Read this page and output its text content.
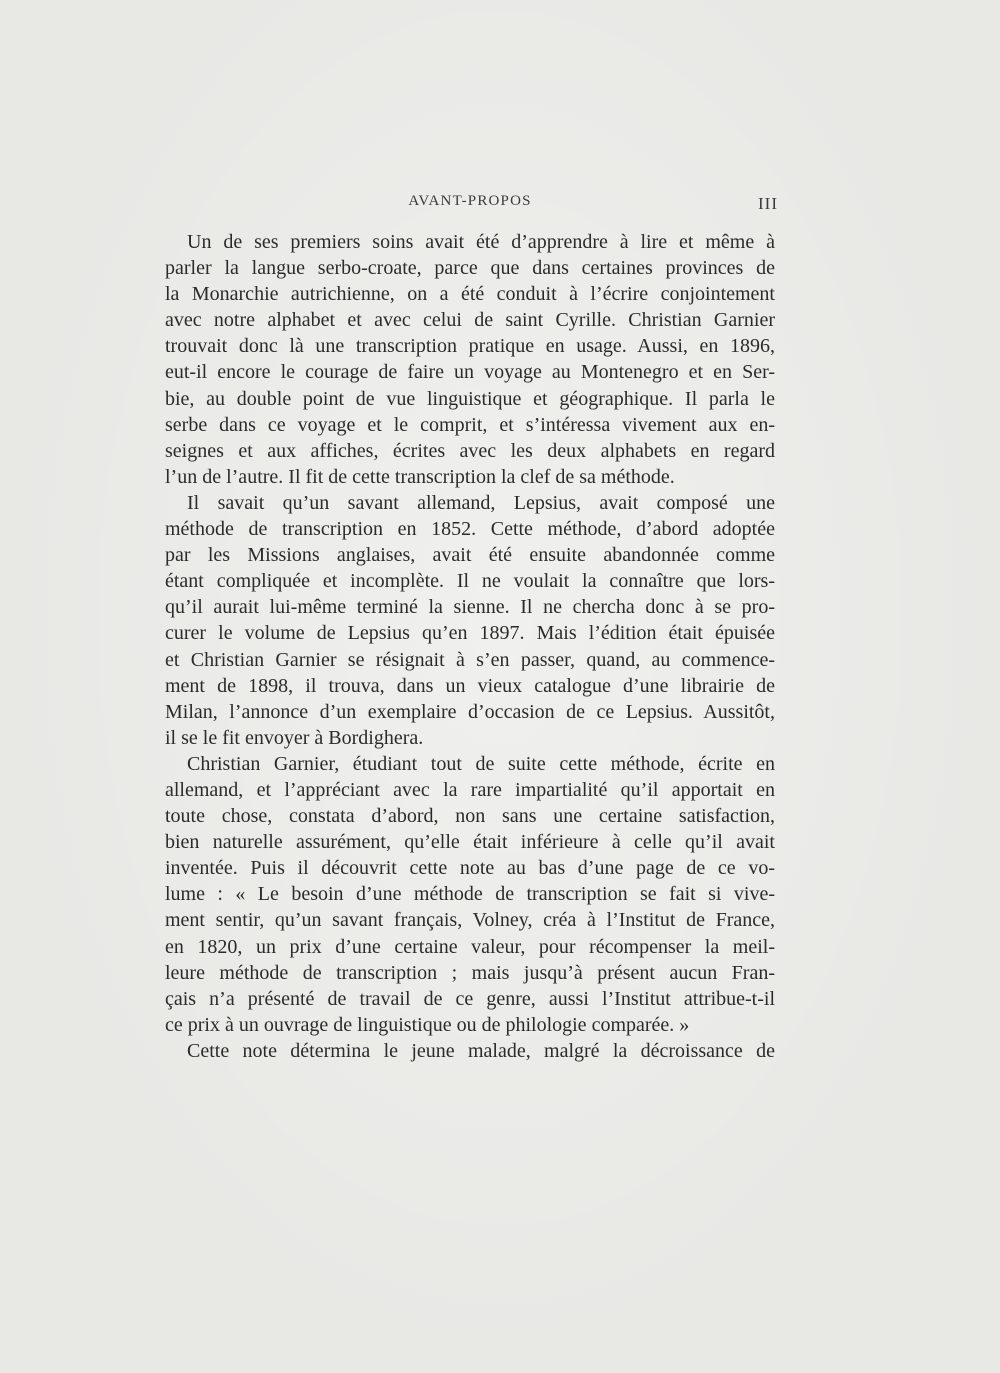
AVANT-PROPOS	III
Un de ses premiers soins avait été d’apprendre à lire et même à
parler la langue serbo-croate, parce que dans certaines provinces de
la Monarchie autrichienne, on a été conduit à l’écrire conjointement
avec notre alphabet et avec celui de saint Cyrille. Christian Garnier
trouvait donc là une transcription pratique en usage. Aussi, en 1896,
eut-il encore le courage de faire un voyage au Montenegro et en Ser-
bie, au double point de vue linguistique et géographique. Il parla le
serbe dans ce voyage et le comprit, et s’intéressa vivement aux en-
seignes et aux affiches, écrites avec les deux alphabets en regard
l’un de l’autre. Il fit de cette transcription la clef de sa méthode.
Il savait qu’un savant allemand, Lepsius, avait composé une
méthode de transcription en 1852. Cette méthode, d’abord adoptée
par les Missions anglaises, avait été ensuite abandonnée comme
étant compliquée et incomplète. Il ne voulait la connaître que lors-
qu’il aurait lui-même terminé la sienne. Il ne chercha donc à se pro-
curer le volume de Lepsius qu’en 1897. Mais l’édition était épuisée
et Christian Garnier se résignait à s’en passer, quand, au commence-
ment de 1898, il trouva, dans un vieux catalogue d’une librairie de
Milan, l’annonce d’un exemplaire d’occasion de ce Lepsius. Aussitôt,
il se le fit envoyer à Bordighera.
Christian Garnier, étudiant tout de suite cette méthode, écrite en
allemand, et l’appréciant avec la rare impartialité qu’il apportait en
toute chose, constata d’abord, non sans une certaine satisfaction,
bien naturelle assurément, qu’elle était inférieure à celle qu’il avait
inventée. Puis il découvrit cette note au bas d’une page de ce vo-
lume : « Le besoin d’une méthode de transcription se fait si vive-
ment sentir, qu’un savant français, Volney, créa à l’Institut de France,
en 1820, un prix d’une certaine valeur, pour récompenser la meil-
leure méthode de transcription ; mais jusqu’à présent aucun Fran-
çais n’a présenté de travail de ce genre, aussi l’Institut attribue-t-il
ce prix à un ouvrage de linguistique ou de philologie comparée. »
Cette note détermina le jeune malade, malgré la décroissance de
